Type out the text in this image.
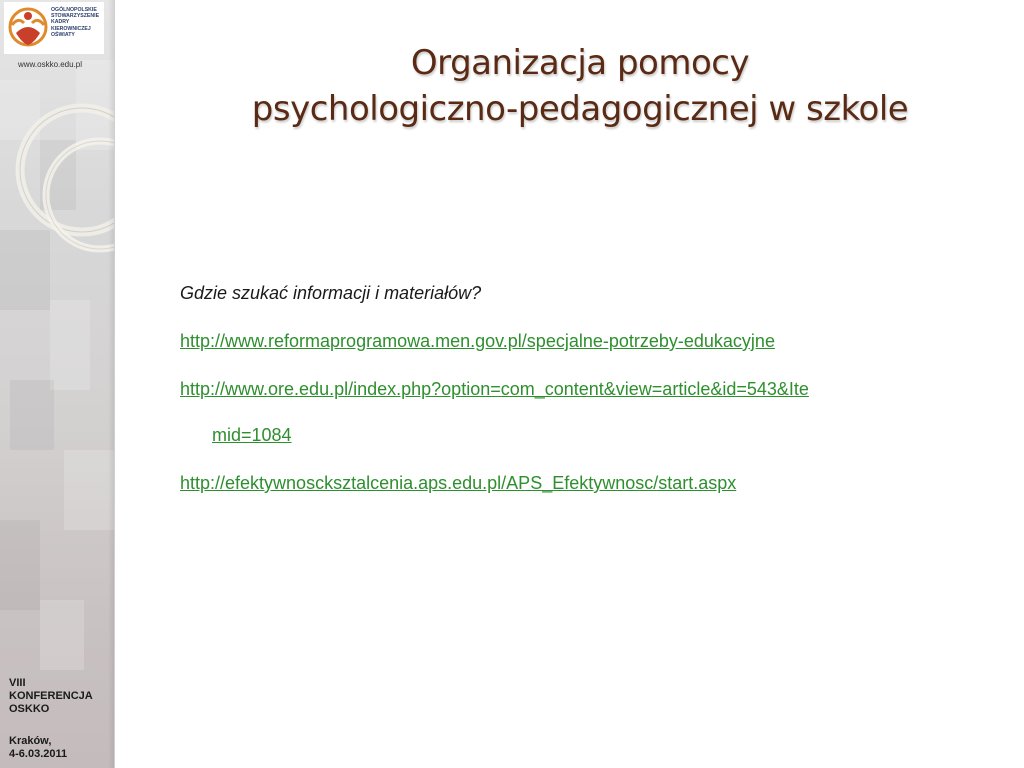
OGÓLNOPOLSKIE
STOWARZYSZENIE
KADRY
KIEROWNICZEJ
OŚWIATY
www.oskko.edu.pl
VIII
KONFERENCJA
OSKKO
Kraków,
4-6.03.2011
Organizacja pomocy
psychologiczno-pedagogicznej w szkole

Gdzie szukać informacji i materiałów?

http://www.reformaprogramowa.men.gov.pl/specjalne-potrzeby-edukacyjne
http://www.ore.edu.pl/index.php?option=com_content&view=article&id=543&Ite
mid=1084
http://efektywnoscksztalcenia.aps.edu.pl/APS_Efektywnosc/start.aspx
